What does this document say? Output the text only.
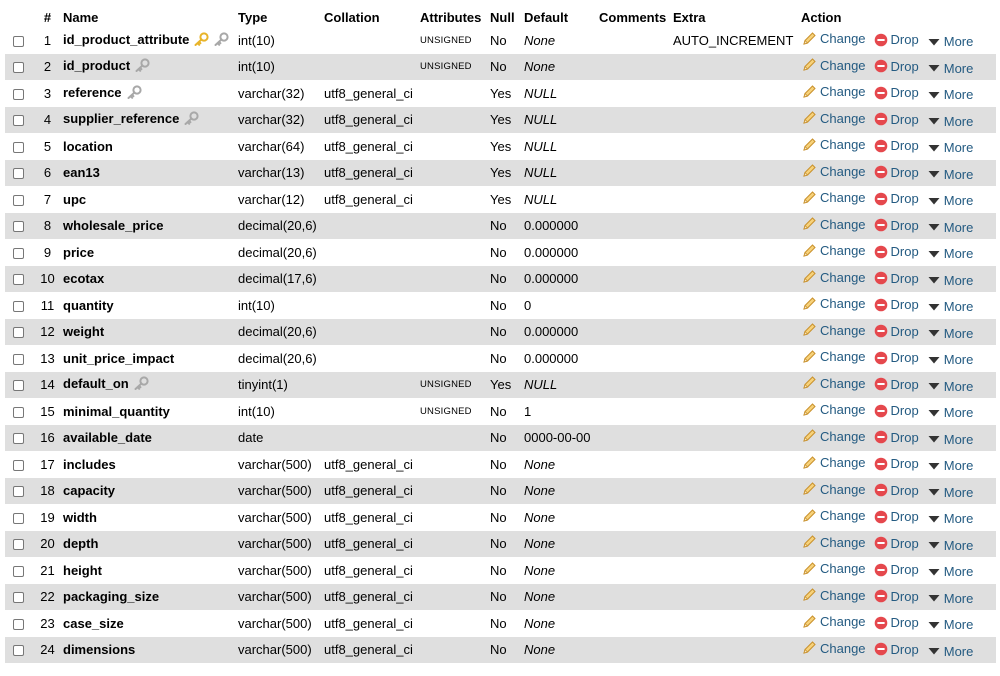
	#	Name	Type	Collation	Attributes	Null	Default	Comments	Extra	Action
	1	id_product_attribute	int(10)		UNSIGNED	No	None		AUTO_INCREMENT	Change Drop More

	2	id_product	int(10)		UNSIGNED	No	None			Change Drop More

	3	reference	varchar(32)	utf8_general_ci		Yes	NULL			Change Drop More

	4	supplier_reference	varchar(32)	utf8_general_ci		Yes	NULL			Change Drop More

	5	location	varchar(64)	utf8_general_ci		Yes	NULL			Change Drop More

	6	ean13	varchar(13)	utf8_general_ci		Yes	NULL			Change Drop More

	7	upc	varchar(12)	utf8_general_ci		Yes	NULL			Change Drop More

	8	wholesale_price	decimal(20,6)			No	0.000000			Change Drop More

	9	price	decimal(20,6)			No	0.000000			Change Drop More

	10	ecotax	decimal(17,6)			No	0.000000			Change Drop More

	11	quantity	int(10)			No	0			Change Drop More

	12	weight	decimal(20,6)			No	0.000000			Change Drop More

	13	unit_price_impact	decimal(20,6)			No	0.000000			Change Drop More

	14	default_on	tinyint(1)		UNSIGNED	Yes	NULL			Change Drop More

	15	minimal_quantity	int(10)		UNSIGNED	No	1			Change Drop More

	16	available_date	date			No	0000-00-00			Change Drop More

	17	includes	varchar(500)	utf8_general_ci		No	None			Change Drop More

	18	capacity	varchar(500)	utf8_general_ci		No	None			Change Drop More

	19	width	varchar(500)	utf8_general_ci		No	None			Change Drop More

	20	depth	varchar(500)	utf8_general_ci		No	None			Change Drop More

	21	height	varchar(500)	utf8_general_ci		No	None			Change Drop More

	22	packaging_size	varchar(500)	utf8_general_ci		No	None			Change Drop More

	23	case_size	varchar(500)	utf8_general_ci		No	None			Change Drop More

	24	dimensions	varchar(500)	utf8_general_ci		No	None			Change Drop More
